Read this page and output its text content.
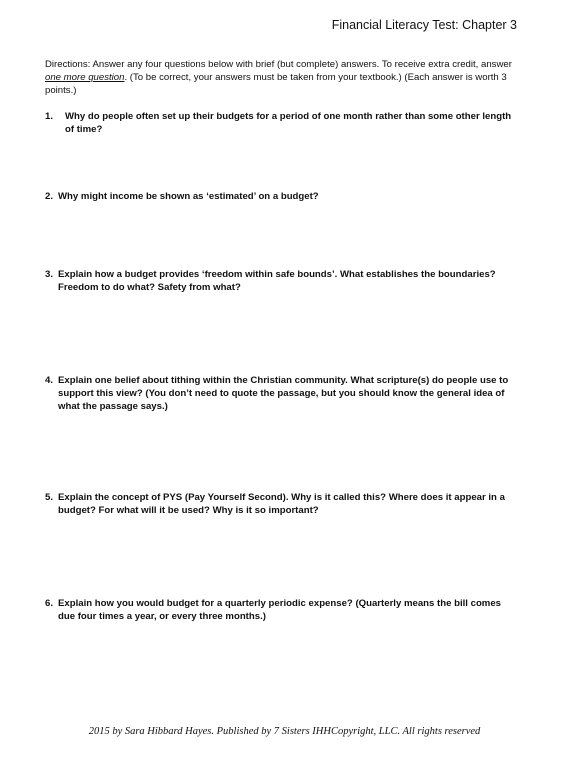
Financial Literacy Test: Chapter 3
Directions: Answer any four questions below with brief (but complete) answers. To receive extra credit, answer one more question. (To be correct, your answers must be taken from your textbook.) (Each answer is worth 3 points.)
1.	Why do people often set up their budgets for a period of one month rather than some other length of time?
2. Why might income be shown as ‘estimated’ on a budget?
3. Explain how a budget provides ‘freedom within safe bounds’. What establishes the boundaries? Freedom to do what? Safety from what?
4. Explain one belief about tithing within the Christian community. What scripture(s) do people use to support this view? (You don’t need to quote the passage, but you should know the general idea of what the passage says.)
5. Explain the concept of PYS (Pay Yourself Second). Why is it called this? Where does it appear in a budget? For what will it be used? Why is it so important?
6. Explain how you would budget for a quarterly periodic expense? (Quarterly means the bill comes due four times a year, or every three months.)
2015 by Sara Hibbard Hayes. Published by 7 Sisters IHHCopyright, LLC. All rights reserved
